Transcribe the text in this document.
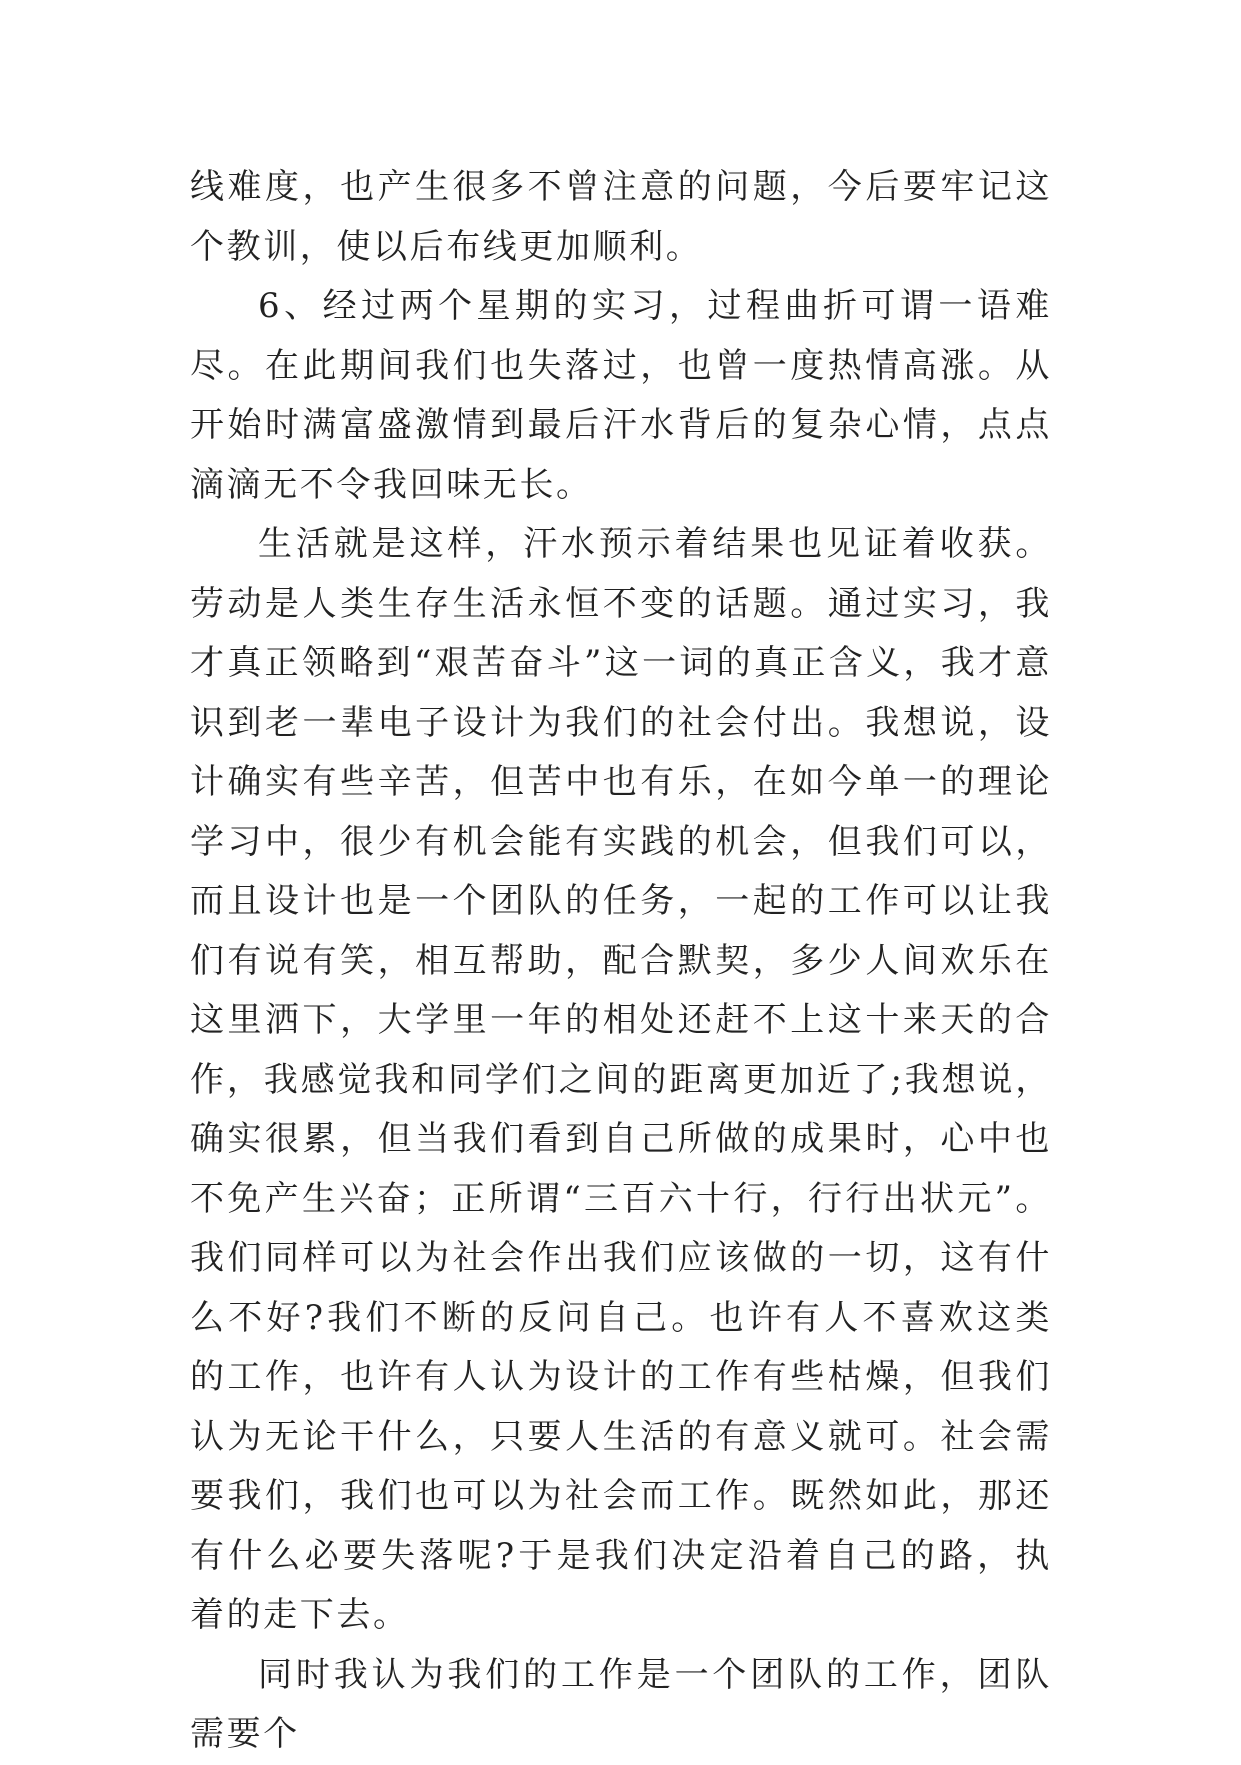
线难度，也产生很多不曾注意的问题，今后要牢记这个教训，使以后布线更加顺利。

6、经过两个星期的实习，过程曲折可谓一语难尽。在此期间我们也失落过，也曾一度热情高涨。从开始时满富盛激情到最后汗水背后的复杂心情，点点滴滴无不令我回味无长。

生活就是这样，汗水预示着结果也见证着收获。劳动是人类生存生活永恒不变的话题。通过实习，我才真正领略到“艰苦奋斗”这一词的真正含义，我才意识到老一辈电子设计为我们的社会付出。我想说，设计确实有些辛苦，但苦中也有乐，在如今单一的理论学习中，很少有机会能有实践的机会，但我们可以，而且设计也是一个团队的任务，一起的工作可以让我们有说有笑，相互帮助，配合默契，多少人间欢乐在这里洒下，大学里一年的相处还赶不上这十来天的合作，我感觉我和同学们之间的距离更加近了;我想说，确实很累，但当我们看到自己所做的成果时，心中也不免产生兴奋；正所谓“三百六十行，行行出状元”。我们同样可以为社会作出我们应该做的一切，这有什么不好?我们不断的反问自己。也许有人不喜欢这类的工作，也许有人认为设计的工作有些枯燥，但我们认为无论干什么，只要人生活的有意义就可。社会需要我们，我们也可以为社会而工作。既然如此，那还有什么必要失落呢?于是我们决定沿着自己的路，执着的走下去。

同时我认为我们的工作是一个团队的工作，团队需要个
